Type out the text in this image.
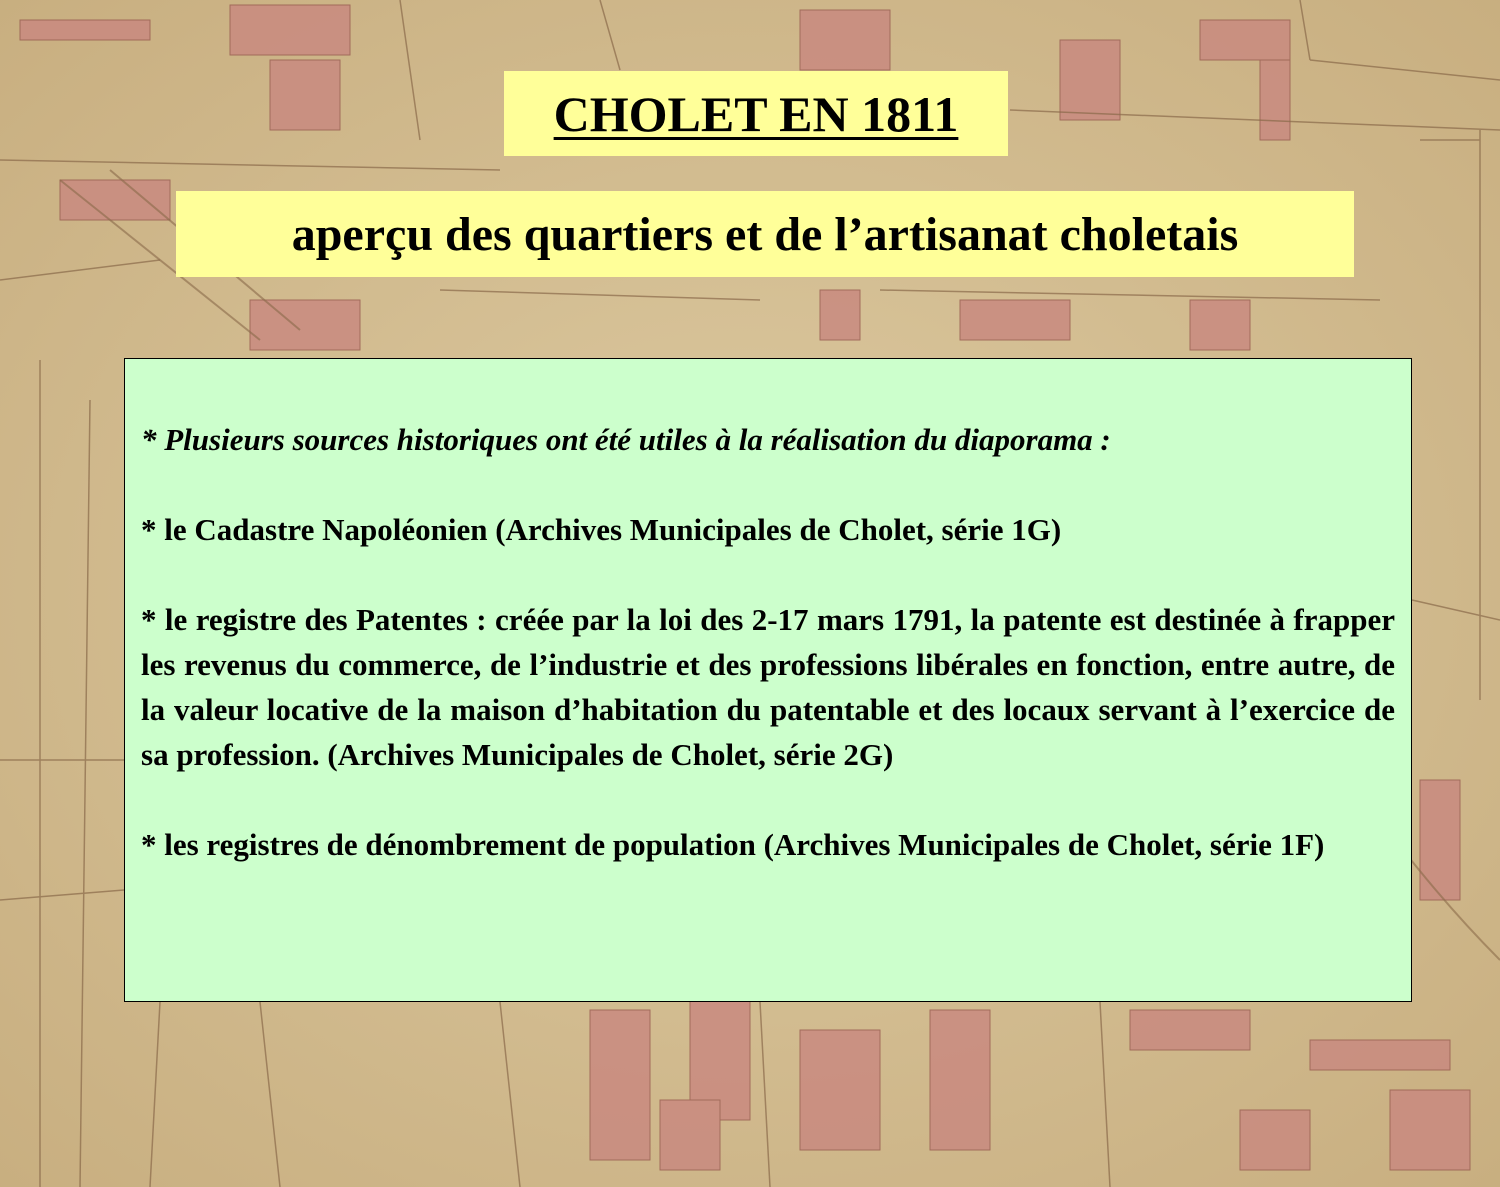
CHOLET EN 1811
aperçu des quartiers et de l’artisanat choletais

* Plusieurs sources historiques ont été utiles à la réalisation du diaporama :

* le Cadastre Napoléonien (Archives Municipales de Cholet, série 1G)

* le registre des Patentes : créée par la loi des 2-17 mars 1791, la patente est destinée à frapper les revenus du commerce, de l’industrie et des professions libérales en fonction, entre autre, de la valeur locative de la maison d’habitation du patentable et des locaux servant à l’exercice de sa profession. (Archives Municipales de Cholet, série 2G)

* les registres de dénombrement de population (Archives Municipales de Cholet, série 1F)
